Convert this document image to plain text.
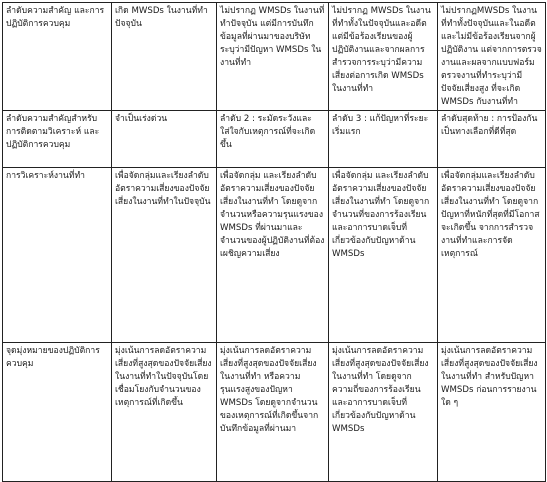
ลำดับความสำคัญ และการปฏิบัติการควบคุม	เกิด MWSDs ในงานที่ทำปัจจุบัน	ไม่ปรากฏ WMSDs ในงานที่ทำปัจจุบัน แต่มีการบันทึกข้อมูลที่ผ่านมาของบริษัทระบุว่ามีปัญหา WMSDs ในงานที่ทำ	ไม่ปรากฏ MWSDs ในงานที่ทำทั้งในปัจจุบันและอดีต แต่มีข้อร้องเรียนของผู้ปฏิบัติงานและจากผลการสำรวจการระบุว่ามีความเสี่ยงต่อการเกิด WMSDs ในงานที่ทำ	ไม่ปรากฏMWSDs ในงานที่ทำทั้งปัจจุบันและในอดีต และไม่มีข้อร้องเรียนจากผู้ปฏิบัติงาน แต่จากการตรวจงานและผลจากแบบฟอร์มตรวจงานที่ทำระบุว่ามีปัจจัยเสี่ยงสูง ที่จะเกิด WMSDs กับงานที่ทำ
ลำดับความสำคัญสำหรับการติดตามวิเคราะห์ และปฏิบัติการควบคุม	จำเป็นเร่งด่วน	ลำดับ 2 : ระมัดระวังและใส่ใจกับเหตุการณ์ที่จะเกิดขึ้น	ลำดับ 3 : แก้ปัญหาที่ระยะเริ่มแรก	ลำดับสุดท้าย : การป้องกันเป็นทางเลือกที่ดีที่สุด
การวิเคราะห์งานที่ทำ	เพื่อจัดกลุ่มและเรียงลำดับอัตราความเสี่ยงของปัจจัยเสี่ยงในงานที่ทำในปัจจุบัน	เพื่อจัดกลุ่ม และเรียงลำดับอัตราความเสี่ยงของปัจจัยเสี่ยงในงานที่ทำ โดยดูจากจำนวนหรือความรุนแรงของ WMSDs ที่ผ่านมาและจำนวนของผู้ปฏิบัติงานที่ต้องเผชิญความเสี่ยง	เพื่อจัดกลุ่ม และเรียงลำดับอัตราความเสี่ยงของปัจจัยเสี่ยงในงานที่ทำ โดยดูจากจำนวนที่ของการร้องเรียน และอาการบาดเจ็บที่เกี่ยวข้องกับปัญหาด้าน WMSDs	เพื่อจัดกลุ่มและเรียงลำดับอัตราความเสี่ยงของปัจจัยเสี่ยงในงานที่ทำ โดยดูจากปัญหาที่หนักที่สุดที่มีโอกาสจะเกิดขึ้น จากการสำรวจงานที่ทำและการจัดเหตุการณ์
จุดมุ่งหมายของปฏิบัติการควบคุม	มุ่งเน้นการลดอัตราความเสี่ยงที่สูงสุดของปัจจัยเสี่ยงในงานที่ทำในปัจจุบันโดยเชื่อมโยงกับจำนวนของเหตุการณ์ที่เกิดขึ้น	มุ่งเน้นการลดอัตราความเสี่ยงที่สูงสุดของปัจจัยเสี่ยงในงานที่ทำ หรือความรุนแรงสูงของปัญหา WMSDs โดยดูจากจำนวนของเหตุการณ์ที่เกิดขึ้นจากบันทึกข้อมูลที่ผ่านมา	มุ่งเน้นการลดอัตราความเสี่ยงที่สูงสุดของปัจจัยเสี่ยงในงานที่ทำ โดยดูจากความถี่ของการร้องเรียน และอาการบาดเจ็บที่เกี่ยวข้องกับปัญหาด้าน WMSDs	มุ่งเน้นการลดอัตราความเสี่ยงที่สูงสุดของปัจจัยเสี่ยงในงานที่ทำ สำหรับปัญหา WMSDs ก่อนการรายงานใด ๆ
